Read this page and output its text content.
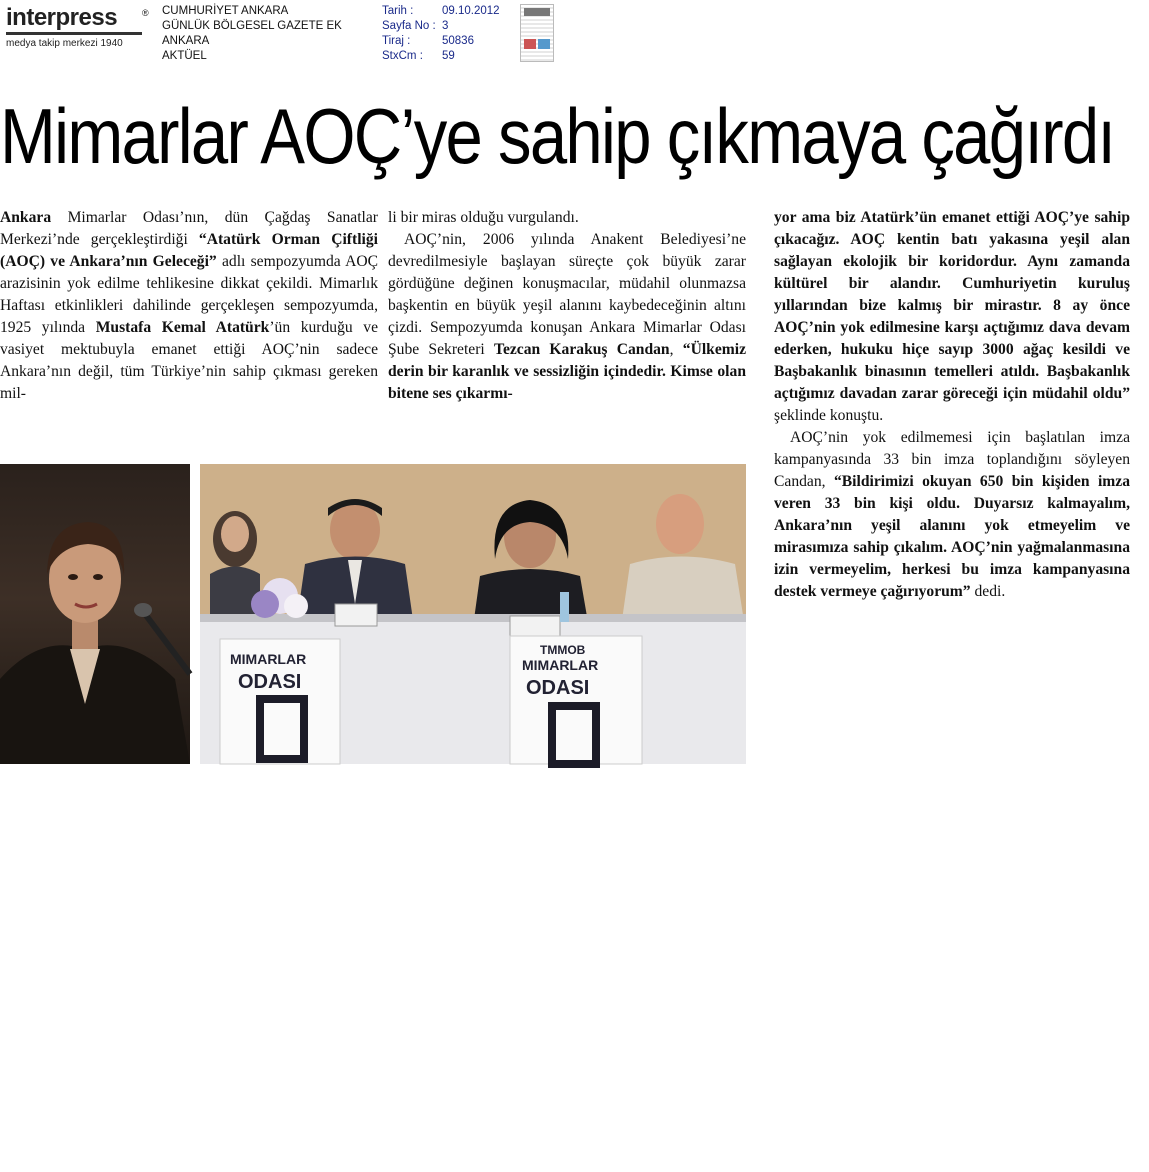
interpress	®
medya takip merkezi 1940
CUMHURİYET ANKARA
GÜNLÜK BÖLGESEL GAZETE EK
ANKARA
AKTÜEL
Tarih :	09.10.2012
Sayfa No : 3
Tiraj :	50836
StxCm :	59
Mimarlar AOÇ’ye sahip çıkmaya çağırdı

Ankara Mimarlar Odası’nın, dün Çağdaş Sanatlar Merkezi’nde gerçekleştirdiği “Atatürk Orman Çiftliği (AOÇ) ve Ankara’nın Geleceği” adlı sempozyumda AOÇ arazisinin yok edilme tehlikesine dikkat çekildi. Mimarlık Haftası etkinlikleri dahilinde gerçekleşen sempozyumda, 1925 yılında Mustafa Kemal Atatürk’ün kurduğu ve vasiyet mektubuyla emanet ettiği AOÇ’nin sadece Ankara’nın değil, tüm Türkiye’nin sahip çıkması gereken mil-

li bir miras olduğu vurgulandı.

AOÇ’nin, 2006 yılında Anakent Belediyesi’ne devredilmesiyle başlayan süreçte çok büyük zarar gördüğüne değinen konuşmacılar, müdahil olunmazsa başkentin en büyük yeşil alanını kaybedeceğinin altını çizdi. Sempozyumda konuşan Ankara Mimarlar Odası Şube Sekreteri Tezcan Karakuş Candan, “Ülkemiz derin bir karanlık ve sessizliğin içindedir. Kimse olan bitene ses çıkarmı-

yor ama biz Atatürk’ün emanet ettiği AOÇ’ye sahip çıkacağız. AOÇ kentin batı yakasına yeşil alan sağlayan ekolojik bir koridordur. Aynı zamanda kültürel bir alandır. Cumhuriyetin kuruluş yıllarından bize kalmış bir mirastır. 8 ay önce AOÇ’nin yok edilmesine karşı açtığımız dava devam ederken, hukuku hiçe sayıp 3000 ağaç kesildi ve Başbakanlık binasının temelleri atıldı. Başbakanlık açtığımız davadan zarar göreceği için müdahil oldu” şeklinde konuştu.

AOÇ’nin yok edilmemesi için başlatılan imza kampanyasında 33 bin imza toplandığını söyleyen Candan, “Bildirimizi okuyan 650 bin kişiden imza veren 33 bin kişi oldu. Duyarsız kalmayalım, Ankara’nın yeşil alanını yok etmeyelim ve mirasımıza sahip çıkalım. AOÇ’nin yağmalanmasına izin vermeyelim, herkesi bu imza kampanyasına destek vermeye çağırıyorum” dedi.

Tezcan
Karakuş
Candan
MIMARLAR
ODASI
TMMOB
MIMARLAR
ODASI
